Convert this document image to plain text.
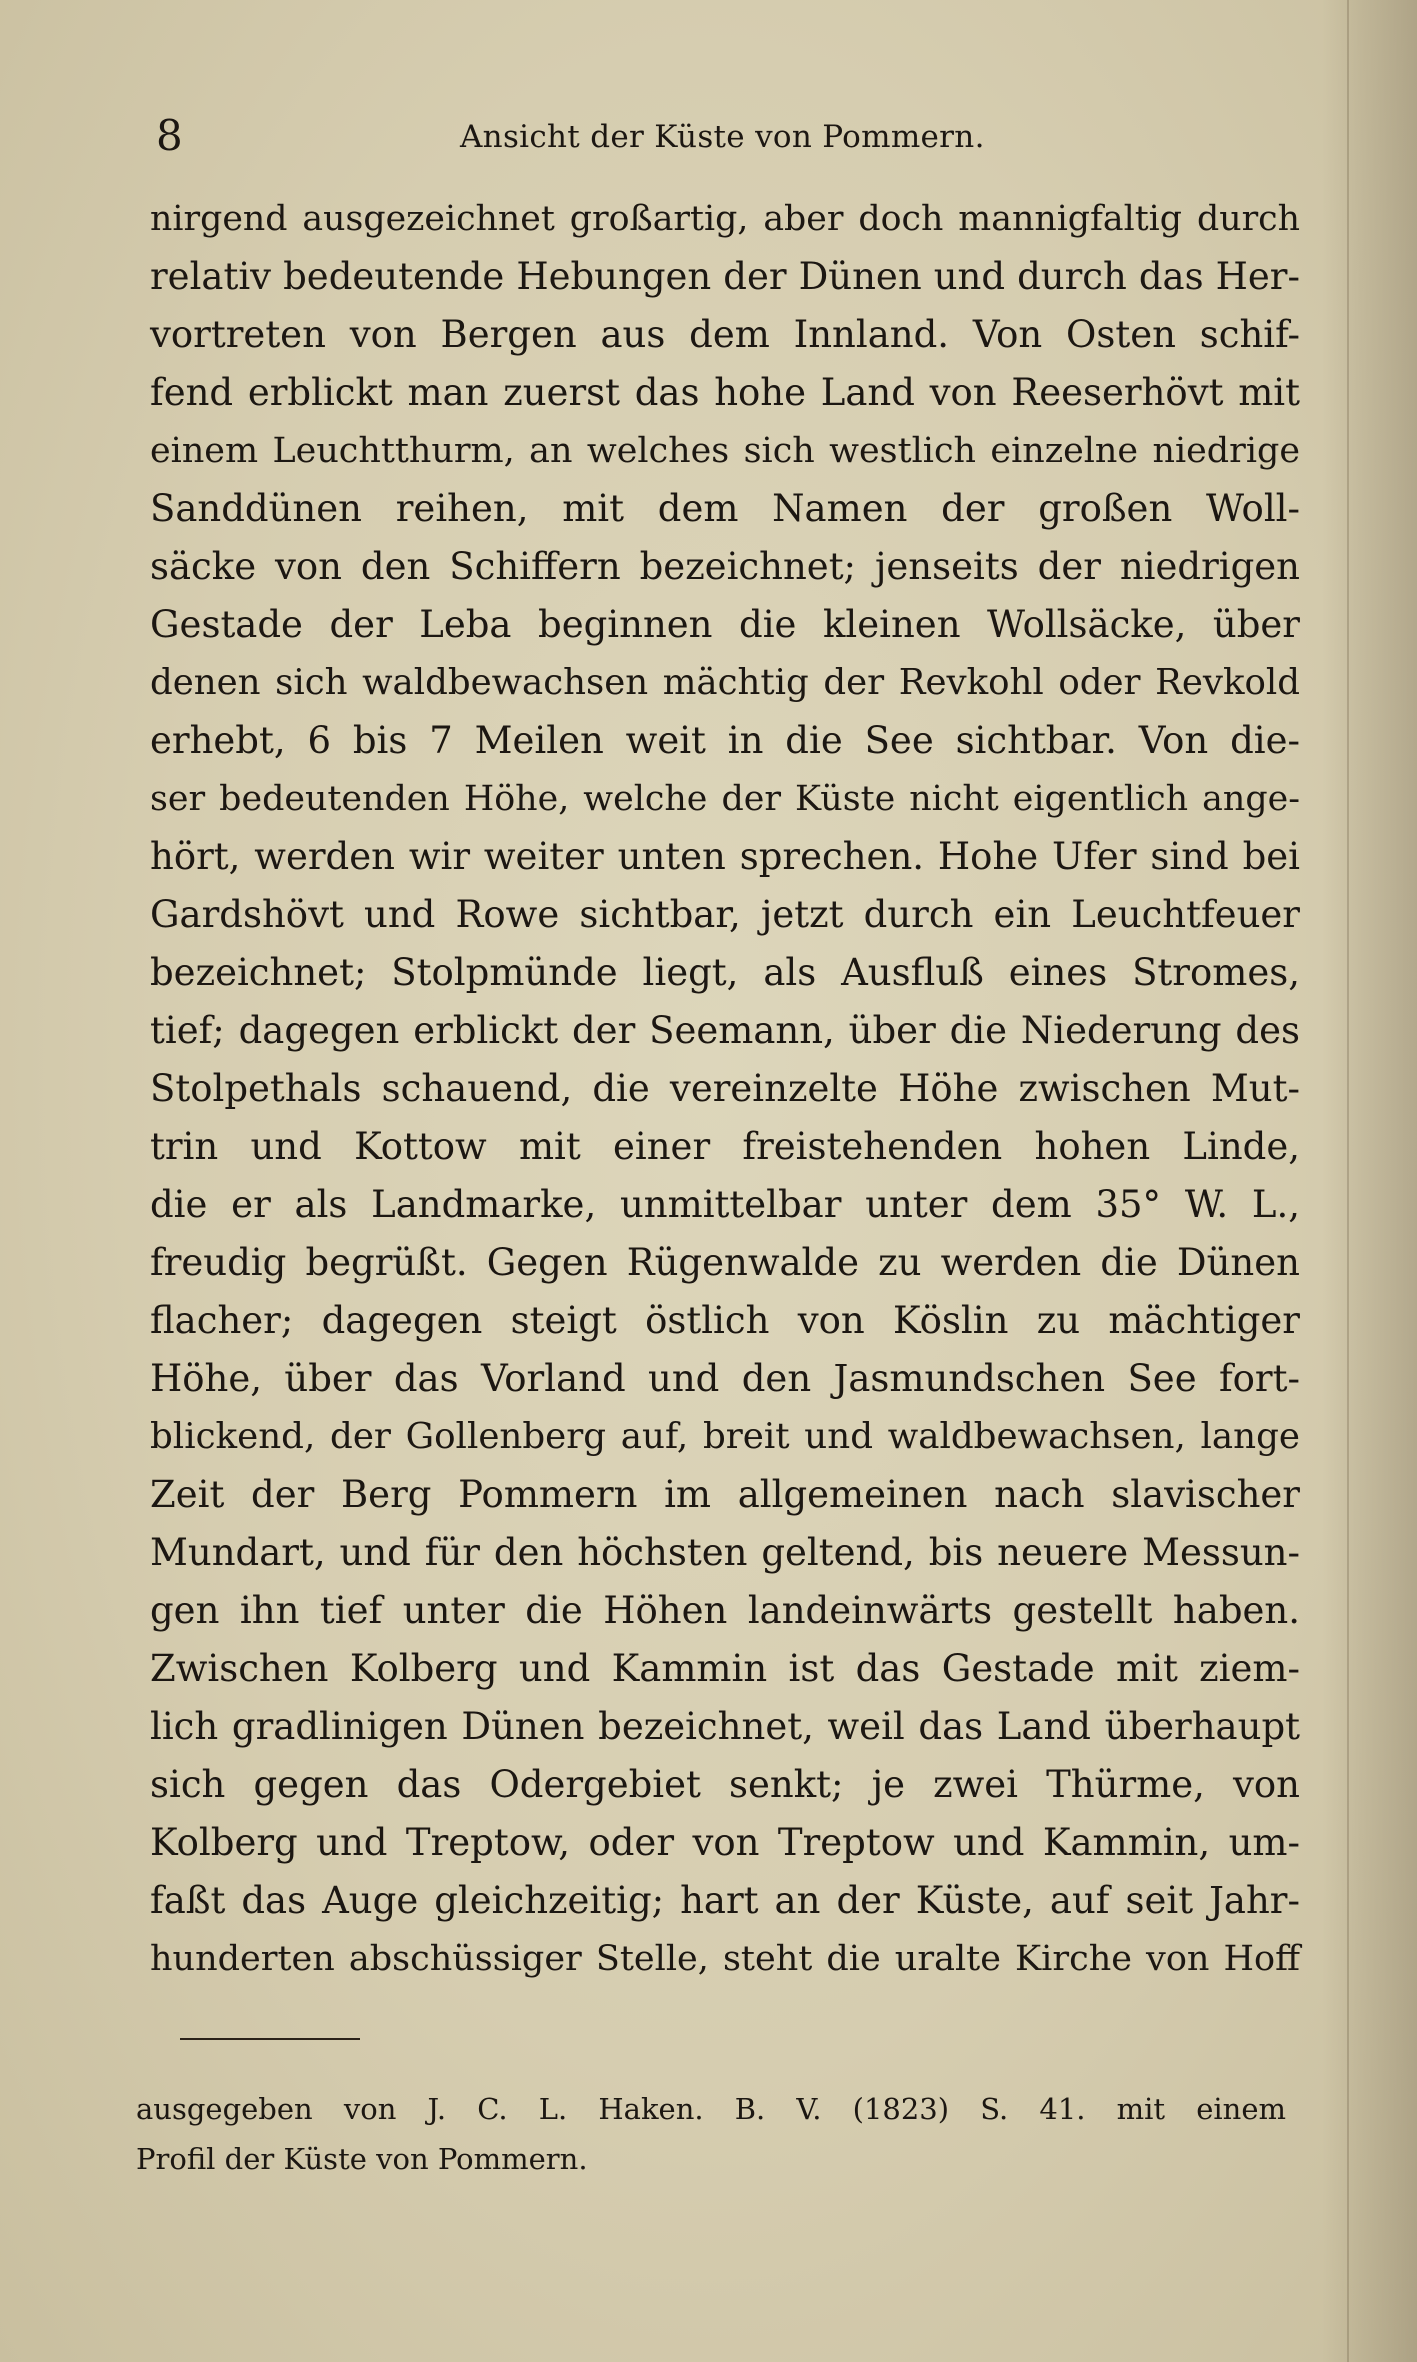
8	Ansicht der Küste von Pommern.
nirgend ausgezeichnet großartig, aber doch mannigfaltig durch
relativ bedeutende Hebungen der Dünen und durch das Her-
vortreten von Bergen aus dem Innland. Von Osten schif-
fend erblickt man zuerst das hohe Land von Reeserhövt mit
einem Leuchtthurm, an welches sich westlich einzelne niedrige
Sanddünen reihen, mit dem Namen der großen Woll-
säcke von den Schiffern bezeichnet; jenseits der niedrigen
Gestade der Leba beginnen die kleinen Wollsäcke, über
denen sich waldbewachsen mächtig der Revkohl oder Revkold
erhebt, 6 bis 7 Meilen weit in die See sichtbar. Von die-
ser bedeutenden Höhe, welche der Küste nicht eigentlich ange-
hört, werden wir weiter unten sprechen. Hohe Ufer sind bei
Gardshövt und Rowe sichtbar, jetzt durch ein Leuchtfeuer
bezeichnet; Stolpmünde liegt, als Ausfluß eines Stromes,
tief; dagegen erblickt der Seemann, über die Niederung des
Stolpethals schauend, die vereinzelte Höhe zwischen Mut-
trin und Kottow mit einer freistehenden hohen Linde,
die er als Landmarke, unmittelbar unter dem 35° W. L.,
freudig begrüßt. Gegen Rügenwalde zu werden die Dünen
flacher; dagegen steigt östlich von Köslin zu mächtiger
Höhe, über das Vorland und den Jasmundschen See fort-
blickend, der Gollenberg auf, breit und waldbewachsen, lange
Zeit der Berg Pommern im allgemeinen nach slavischer
Mundart, und für den höchsten geltend, bis neuere Messun-
gen ihn tief unter die Höhen landeinwärts gestellt haben.
Zwischen Kolberg und Kammin ist das Gestade mit ziem-
lich gradlinigen Dünen bezeichnet, weil das Land überhaupt
sich gegen das Odergebiet senkt; je zwei Thürme, von
Kolberg und Treptow, oder von Treptow und Kammin, um-
faßt das Auge gleichzeitig; hart an der Küste, auf seit Jahr-
hunderten abschüssiger Stelle, steht die uralte Kirche von Hoff
ausgegeben von J. C. L. Haken. B. V. (1823) S. 41. mit einem
Profil der Küste von Pommern.
